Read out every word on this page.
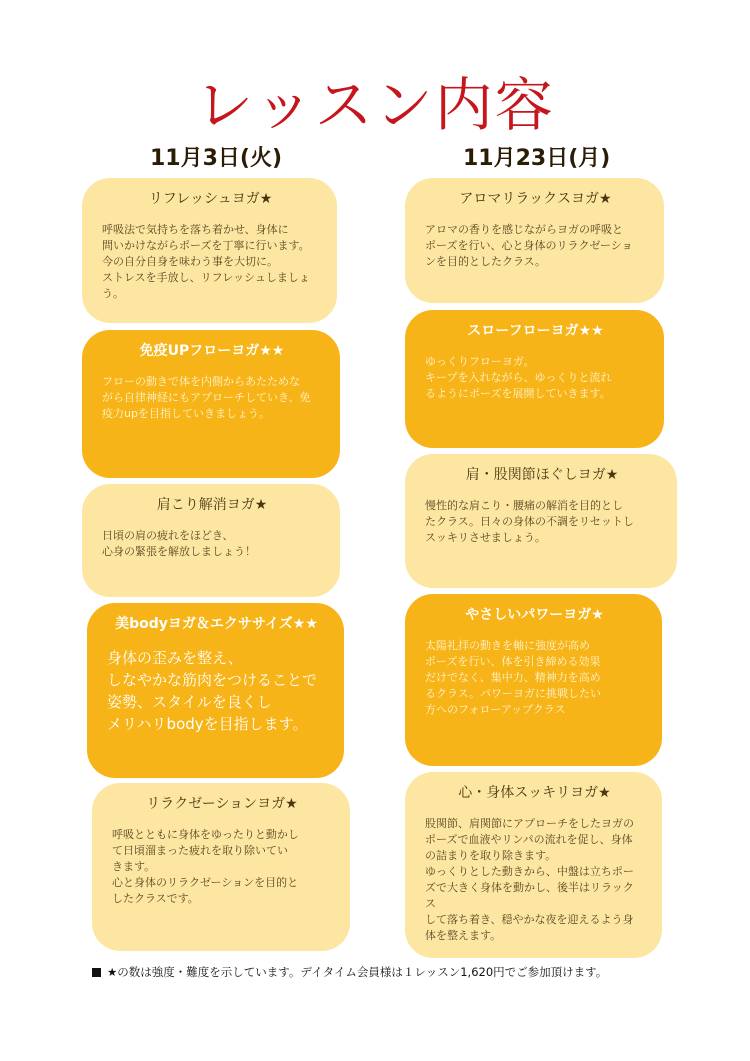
レッスン内容
11月3日(火)	11月23日(月)

リフレッシュヨガ★

呼吸法で気持ちを落ち着かせ、身体に
問いかけながらポーズを丁寧に行います。
今の自分自身を味わう事を大切に。
ストレスを手放し、リフレッシュしましょう。

免疫UPフローヨガ★★

フローの動きで体を内側からあたためな
がら自律神経にもアプローチしていき、免
疫力upを目指していきましょう。

肩こり解消ヨガ★

日頃の肩の疲れをほどき、
心身の緊張を解放しましょう！

美bodyヨガ＆エクササイズ★★

身体の歪みを整え、
しなやかな筋肉をつけることで
姿勢、スタイルを良くし
メリハリbodyを目指します。

リラクゼーションヨガ★

呼吸とともに身体をゆったりと動かし
て日頃溜まった疲れを取り除いてい
きます。
心と身体のリラクゼーションを目的と
したクラスです。

アロマリラックスヨガ★

アロマの香りを感じながらヨガの呼吸と
ポーズを行い、心と身体のリラクゼーショ
ンを目的としたクラス。

スローフローヨガ★★

ゆっくりフローヨガ。
キープを入れながら、ゆっくりと流れ
るようにポーズを展開していきます。

肩・股関節ほぐしヨガ★

慢性的な肩こり・腰痛の解消を目的とし
たクラス。日々の身体の不調をリセットし
スッキリさせましょう。

やさしいパワーヨガ★

太陽礼拝の動きを軸に強度が高め
ポーズを行い、体を引き締める効果
だけでなく、集中力、精神力を高め
るクラス。パワーヨガに挑戦したい
方へのフォローアップクラス

心・身体スッキリヨガ★

股関節、肩関節にアプローチをしたヨガの
ポーズで血液やリンパの流れを促し、身体
の詰まりを取り除きます。
ゆっくりとした動きから、中盤は立ちポー
ズで大きく身体を動かし、後半はリラックス
して落ち着き、穏やかな夜を迎えるよう身
体を整えます。

★の数は強度・難度を示しています。デイタイム会員様は１レッスン1,620円でご参加頂けます。
